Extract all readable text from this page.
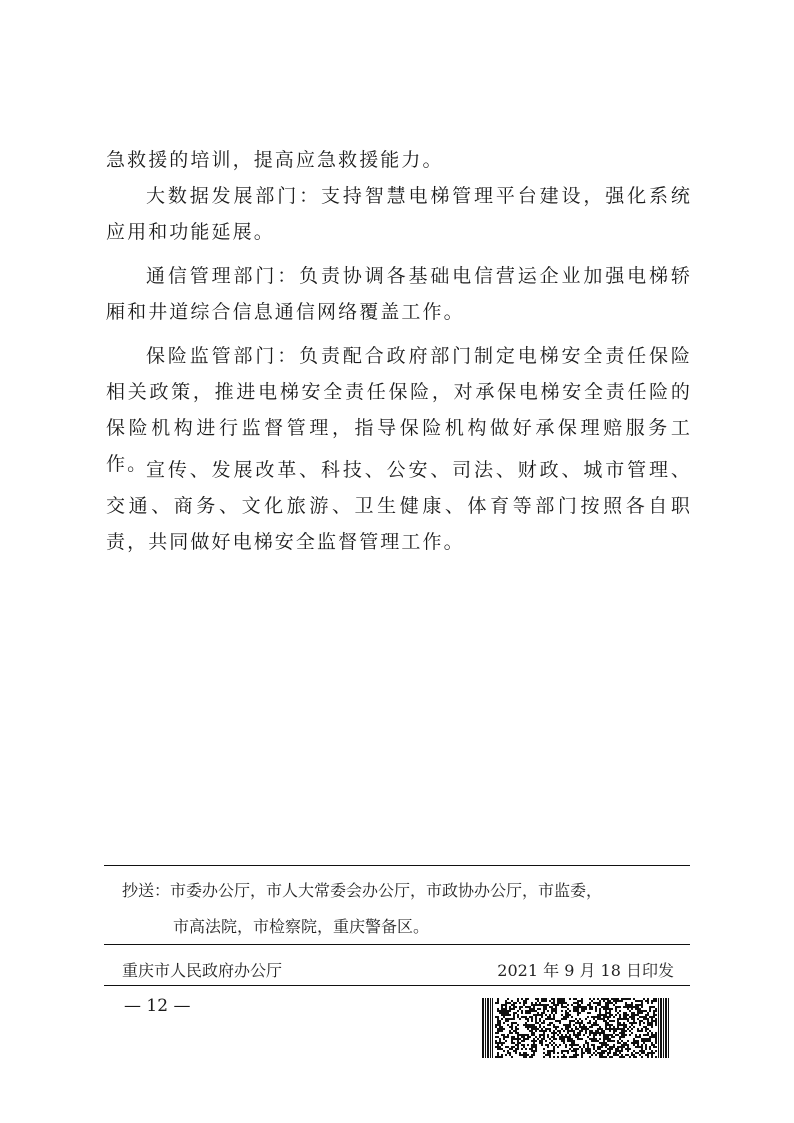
急救援的培训，提高应急救援能力。

大数据发展部门：支持智慧电梯管理平台建设，强化系统应用和功能延展。

通信管理部门：负责协调各基础电信营运企业加强电梯轿厢和井道综合信息通信网络覆盖工作。

保险监管部门：负责配合政府部门制定电梯安全责任保险相关政策，推进电梯安全责任保险，对承保电梯安全责任险的保险机构进行监督管理，指导保险机构做好承保理赔服务工作。

宣传、发展改革、科技、公安、司法、财政、城市管理、交通、商务、文化旅游、卫生健康、体育等部门按照各自职责，共同做好电梯安全监督管理工作。

抄送：市委办公厅，市人大常委会办公厅，市政协办公厅，市监委，
市高法院，市检察院，重庆警备区。
重庆市人民政府办公厅	2021 年 9 月 18 日印发
— 12 —
